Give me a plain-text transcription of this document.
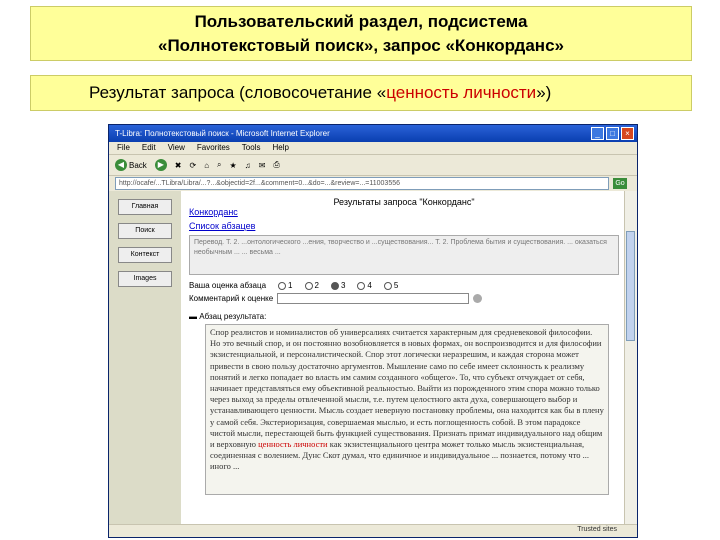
Пользовательский раздел, подсистема
«Полнотекстовый поиск», запрос «Конкорданс»
Результат запроса (словосочетание «ценность личности»)
T-Libra: Полнотекстовый поиск - Microsoft Internet Explorer	_	□	×
File Edit View Favorites Tools Help
◀ Back	▶	✖ ⟳ ⌂ ⌕ ★ ♫ ✉ ⎙
http://ocafe/...TLibra/Libra/...?...&objectid=2f...&comment=0...&do=...&review=...=11003556	Go
Главная
Поиск
Контекст
Images
Результаты запроса "Конкорданс"
Конкорданс
Список абзацев
Перевод. Т. 2. ...онтологического ...ения, творчество и ...существования... Т. 2. Проблема бытия и существования. ... оказаться необычным ... ... весьма ...
Ваша оценка абзаца	1	2	3	4	5
Комментарий к оценке
▬ Абзац результата:
Спор реалистов и номиналистов об универсалиях считается характерным для средневековой философии. Но это вечный спор, и он постоянно возобновляется в новых формах, он воспроизводится и для философии экзистенциальной, и персоналистической. Спор этот логически неразрешим, и каждая сторона может привести в свою пользу достаточно аргументов. Мышление само по себе имеет склонность к реализму понятий и легко попадает во власть им самим созданного «общего». То, что субъект отчуждает от себя, начинает представляться ему объективной реальностью. Выйти из порожденного этим спора можно только через выход за пределы отвлеченной мысли, т.е. путем целостного акта духа, совершающего выбор и устанавливающего ценности. Мысль создает неверную постановку проблемы, она находится как бы в плену у самой себя. Экстериоризация, совершаемая мыслью, и есть поглощенность собой. В этом парадоксе чистой мысли, перестающей быть функцией существования. Признать примат индивидуального над общим и верховную ценность личности как экзистенциального центра может только мысль экзистенциальная, соединенная с волением. Дунс Скот думал, что единичное и индивидуальное ... познается, потому что ... иного ...
Trusted sites
